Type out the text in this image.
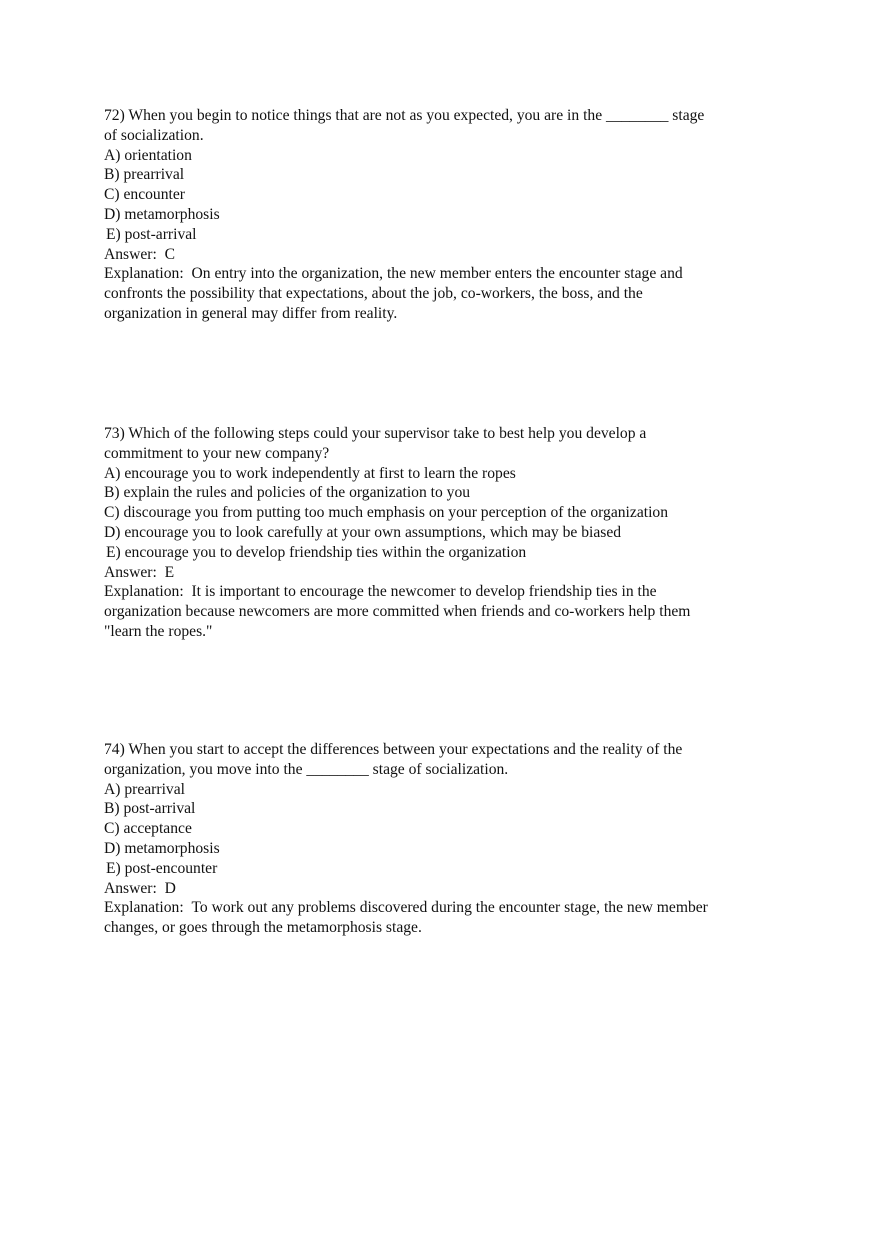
72) When you begin to notice things that are not as you expected, you are in the ________ stage
of socialization.
A) orientation
B) prearrival
C) encounter
D) metamorphosis
E) post-arrival
Answer: C
Explanation: On entry into the organization, the new member enters the encounter stage and
confronts the possibility that expectations, about the job, co-workers, the boss, and the
organization in general may differ from reality.
73) Which of the following steps could your supervisor take to best help you develop a
commitment to your new company?
A) encourage you to work independently at first to learn the ropes
B) explain the rules and policies of the organization to you
C) discourage you from putting too much emphasis on your perception of the organization
D) encourage you to look carefully at your own assumptions, which may be biased
E) encourage you to develop friendship ties within the organization
Answer: E
Explanation: It is important to encourage the newcomer to develop friendship ties in the
organization because newcomers are more committed when friends and co-workers help them
"learn the ropes."
74) When you start to accept the differences between your expectations and the reality of the
organization, you move into the ________ stage of socialization.
A) prearrival
B) post-arrival
C) acceptance
D) metamorphosis
E) post-encounter
Answer: D
Explanation: To work out any problems discovered during the encounter stage, the new member
changes, or goes through the metamorphosis stage.
